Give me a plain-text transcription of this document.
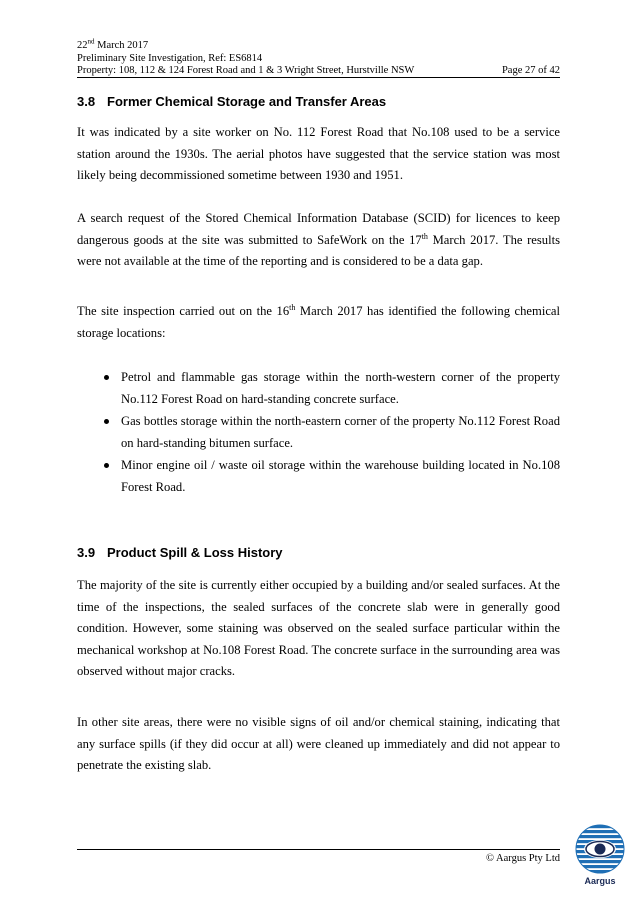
22nd March 2017
Preliminary Site Investigation, Ref: ES6814
Property: 108, 112 & 124 Forest Road and 1 & 3 Wright Street, Hurstville NSW	Page 27 of 42
3.8 Former Chemical Storage and Transfer Areas

It was indicated by a site worker on No. 112 Forest Road that No.108 used to be a service station around the 1930s. The aerial photos have suggested that the service station was most likely being decommissioned sometime between 1930 and 1951.

A search request of the Stored Chemical Information Database (SCID) for licences to keep dangerous goods at the site was submitted to SafeWork on the 17th March 2017. The results were not available at the time of the reporting and is considered to be a data gap.

The site inspection carried out on the 16th March 2017 has identified the following chemical storage locations:

Petrol and flammable gas storage within the north-western corner of the property No.112 Forest Road on hard-standing concrete surface.
Gas bottles storage within the north-eastern corner of the property No.112 Forest Road on hard-standing bitumen surface.
Minor engine oil / waste oil storage within the warehouse building located in No.108 Forest Road.
3.9 Product Spill & Loss History

The majority of the site is currently either occupied by a building and/or sealed surfaces. At the time of the inspections, the sealed surfaces of the concrete slab were in generally good condition. However, some staining was observed on the sealed surface particular within the mechanical workshop at No.108 Forest Road. The concrete surface in the surrounding area was observed without major cracks.

In other site areas, there were no visible signs of oil and/or chemical staining, indicating that any surface spills (if they did occur at all) were cleaned up immediately and did not appear to penetrate the existing slab.

© Aargus Pty Ltd
Aargus
